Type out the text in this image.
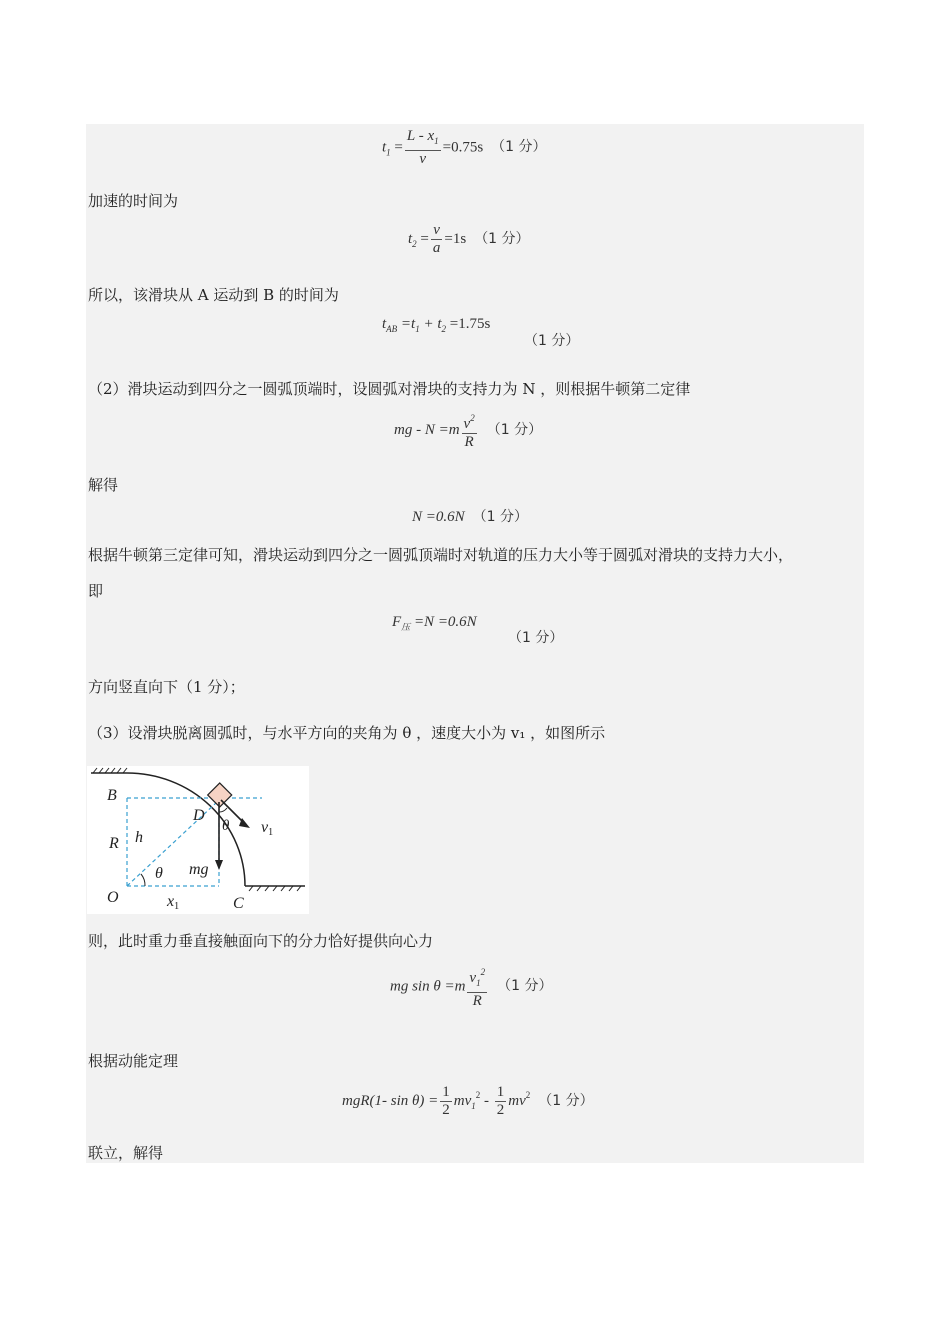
$t_1 = \frac{L - x_1}{v} =0.75s$ （1 分）
加速的时间为
$t_2 = \frac{v}{a} =1s$ （1 分）
所以，该滑块从 A 运动到 B 的时间为
$t_{AB} =t_1 + t_2 =1.75s$
（1 分）
（2）滑块运动到四分之一圆弧顶端时，设圆弧对滑块的支持力为 N ，则根据牛顿第二定律
mg - $N =m \frac{v^2}{R} (1$ 分）
解得
N =0.6N （1 分）
根据牛顿第三定律可知，滑块运动到四分之一圆弧顶端时对轨道的压力大小等于圆弧对滑块的支持力大小，
即
$F_压 =N =0.6N$
（1 分）
方向竖直向下（1 分）；
（3）设滑块脱离圆弧时，与水平方向的夹角为 θ ，速度大小为 v₁ ，如图所示
则，此时重力垂直接触面向下的分力恰好提供向心力
mg $\sin \theta =m \frac{v_1^2}{R} (1$ 分）
根据动能定理
mgR(1- $\sin \theta) = \frac{1}{2} mv_1^2 - \frac{1}{2} mv^2$ （1 分）
联立，解得
B
D
R h
θ mg
O	x1	C
v1
θ
